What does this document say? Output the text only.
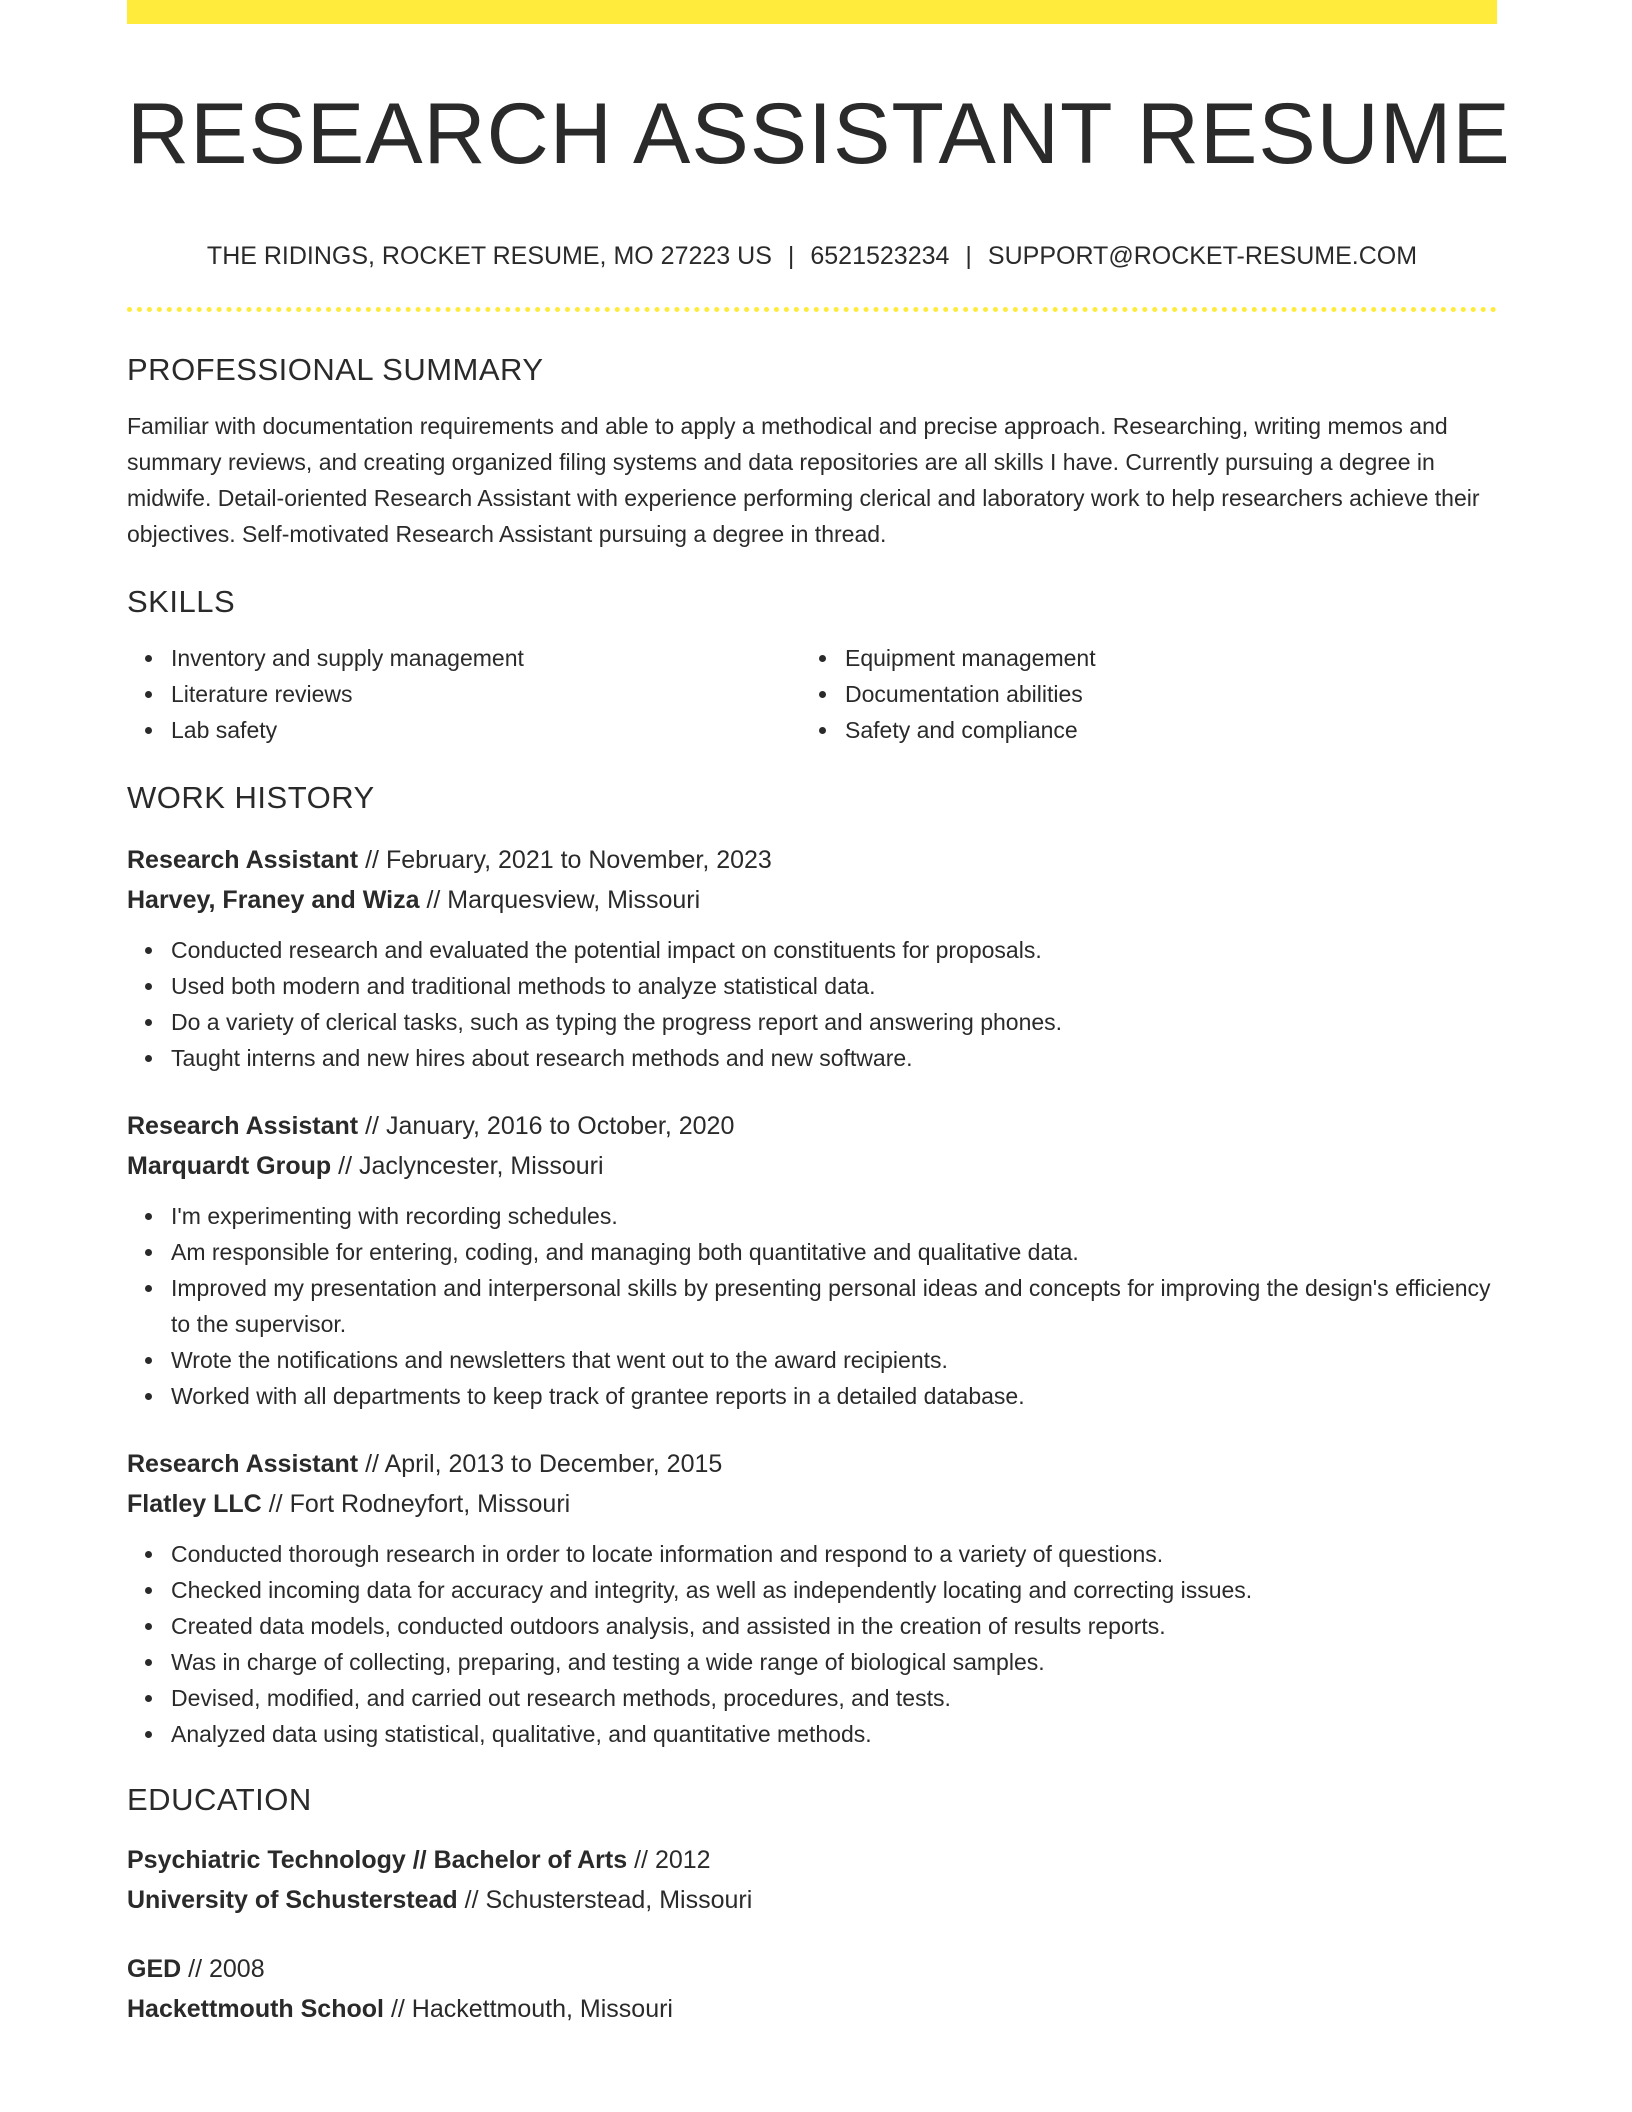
RESEARCH ASSISTANT RESUME
THE RIDINGS, ROCKET RESUME, MO 27223 US | 6521523234 | SUPPORT@ROCKET-RESUME.COM
PROFESSIONAL SUMMARY

Familiar with documentation requirements and able to apply a methodical and precise approach. Researching, writing memos and summary reviews, and creating organized filing systems and data repositories are all skills I have. Currently pursuing a degree in midwife. Detail-oriented Research Assistant with experience performing clerical and laboratory work to help researchers achieve their objectives. Self-motivated Research Assistant pursuing a degree in thread.

SKILLS
Inventory and supply management
Literature reviews
Lab safety
Equipment management
Documentation abilities
Safety and compliance
WORK HISTORY
Research Assistant // February, 2021 to November, 2023
Harvey, Franey and Wiza // Marquesview, Missouri
Conducted research and evaluated the potential impact on constituents for proposals.
Used both modern and traditional methods to analyze statistical data.
Do a variety of clerical tasks, such as typing the progress report and answering phones.
Taught interns and new hires about research methods and new software.
Research Assistant // January, 2016 to October, 2020
Marquardt Group // Jaclyncester, Missouri
I'm experimenting with recording schedules.
Am responsible for entering, coding, and managing both quantitative and qualitative data.
Improved my presentation and interpersonal skills by presenting personal ideas and concepts for improving the design's efficiency to the supervisor.
Wrote the notifications and newsletters that went out to the award recipients.
Worked with all departments to keep track of grantee reports in a detailed database.
Research Assistant // April, 2013 to December, 2015
Flatley LLC // Fort Rodneyfort, Missouri
Conducted thorough research in order to locate information and respond to a variety of questions.
Checked incoming data for accuracy and integrity, as well as independently locating and correcting issues.
Created data models, conducted outdoors analysis, and assisted in the creation of results reports.
Was in charge of collecting, preparing, and testing a wide range of biological samples.
Devised, modified, and carried out research methods, procedures, and tests.
Analyzed data using statistical, qualitative, and quantitative methods.
EDUCATION
Psychiatric Technology // Bachelor of Arts // 2012
University of Schusterstead // Schusterstead, Missouri
GED // 2008
Hackettmouth School // Hackettmouth, Missouri
